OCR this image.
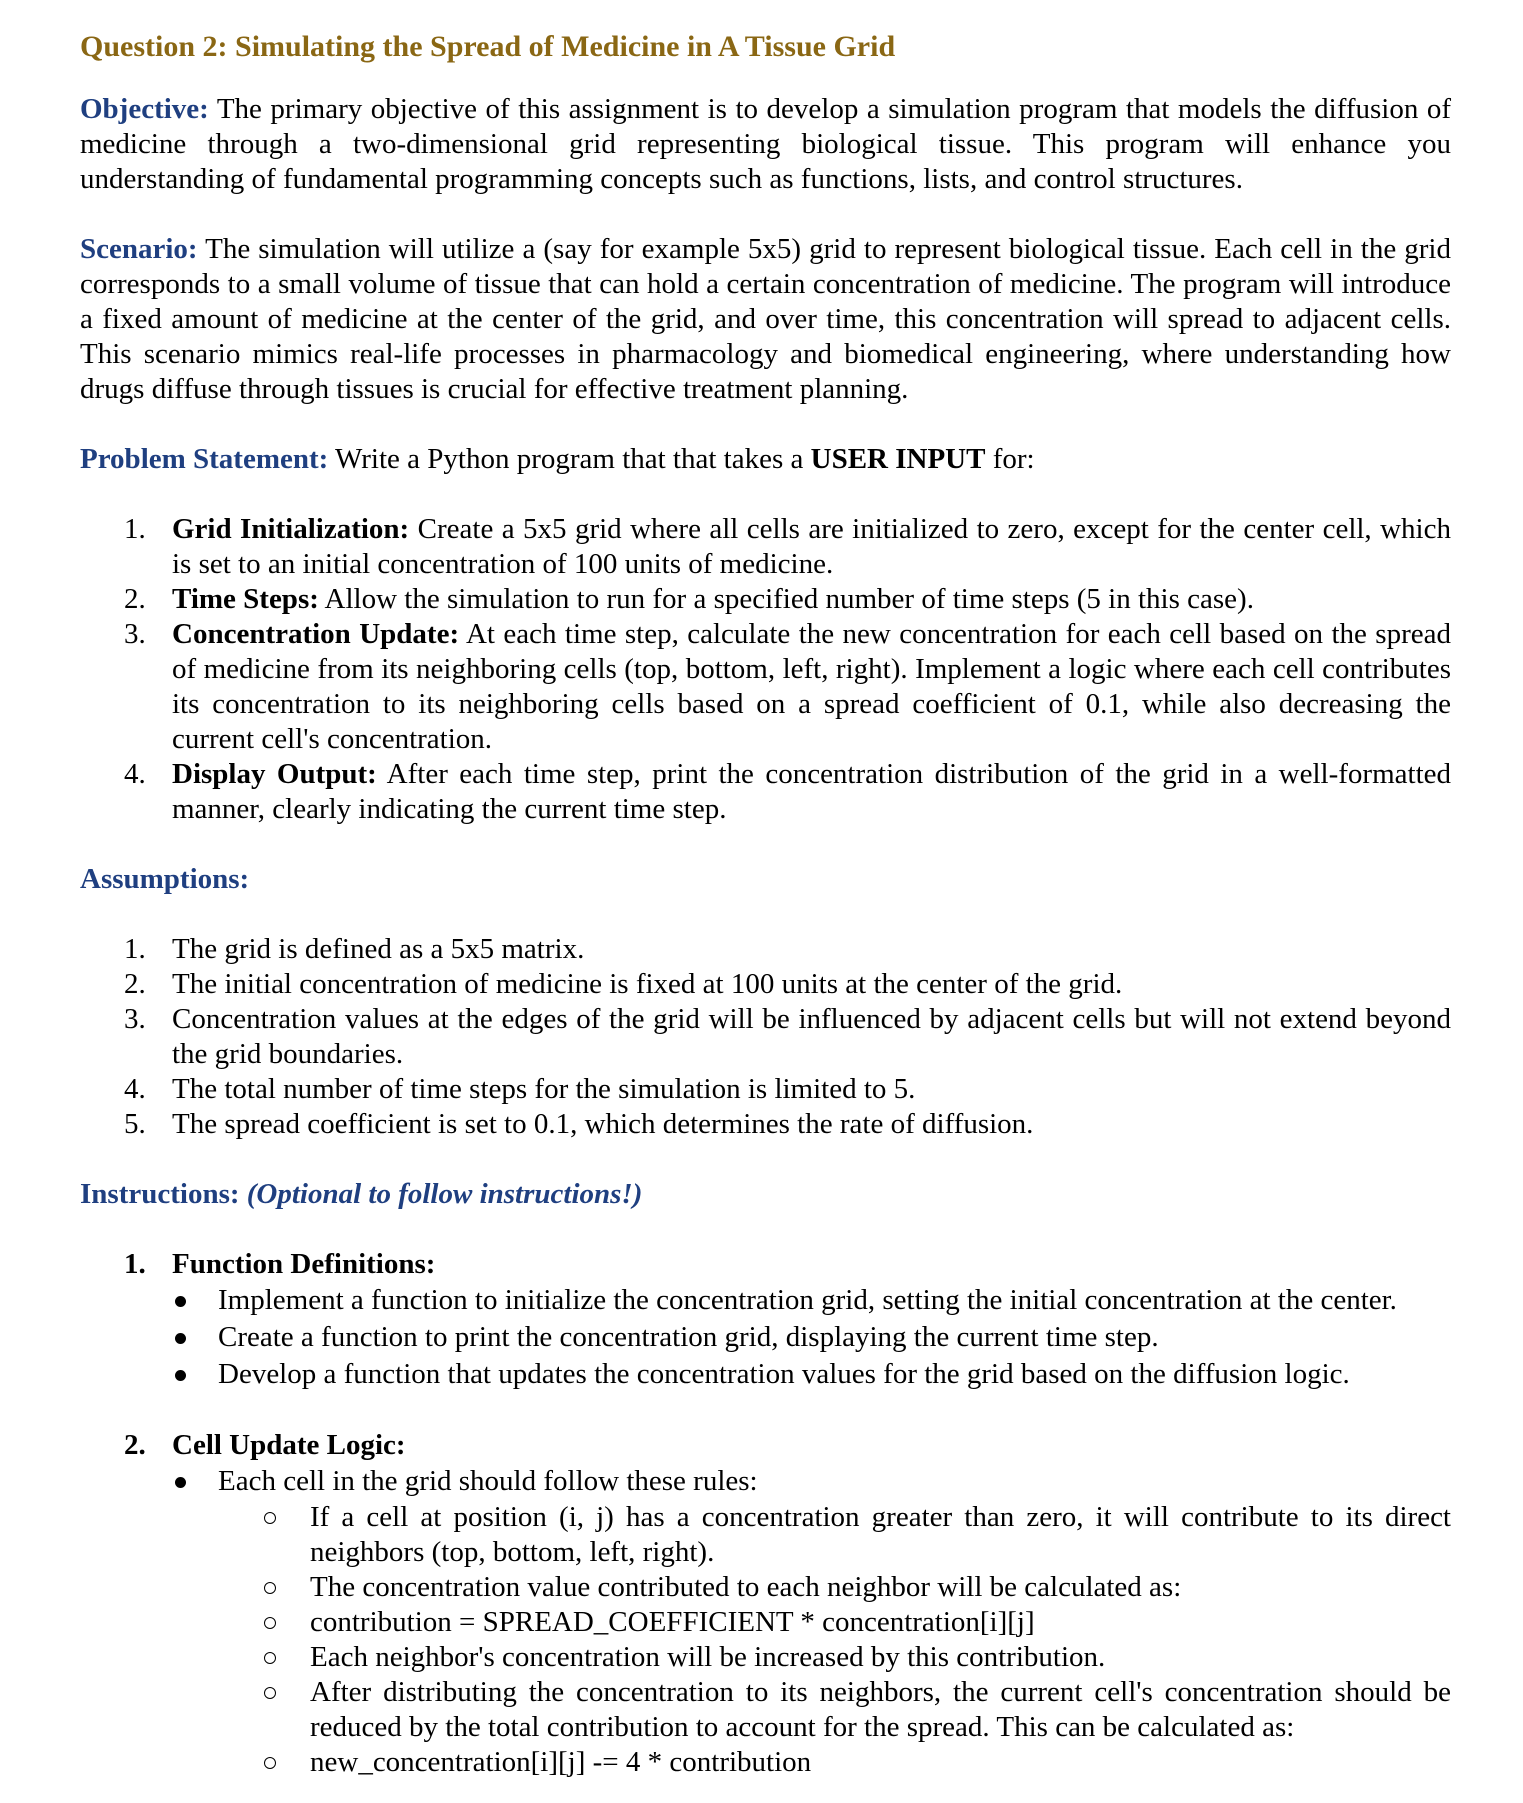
Question 2: Simulating the Spread of Medicine in A Tissue Grid

Objective: The primary objective of this assignment is to develop a simulation program that models the diffusion of medicine through a two-dimensional grid representing biological tissue. This program will enhance you understanding of fundamental programming concepts such as functions, lists, and control structures.

Scenario: The simulation will utilize a (say for example 5x5) grid to represent biological tissue. Each cell in the grid corresponds to a small volume of tissue that can hold a certain concentration of medicine. The program will introduce a fixed amount of medicine at the center of the grid, and over time, this concentration will spread to adjacent cells. This scenario mimics real-life processes in pharmacology and biomedical engineering, where understanding how drugs diffuse through tissues is crucial for effective treatment planning.

Problem Statement: Write a Python program that that takes a USER INPUT for:

1. Grid Initialization: Create a 5x5 grid where all cells are initialized to zero, except for the center cell, which is set to an initial concentration of 100 units of medicine.
2. Time Steps: Allow the simulation to run for a specified number of time steps (5 in this case).
3. Concentration Update: At each time step, calculate the new concentration for each cell based on the spread of medicine from its neighboring cells (top, bottom, left, right). Implement a logic where each cell contributes its concentration to its neighboring cells based on a spread coefficient of 0.1, while also decreasing the current cell's concentration.
4. Display Output: After each time step, print the concentration distribution of the grid in a well-formatted manner, clearly indicating the current time step.

Assumptions:

1. The grid is defined as a 5x5 matrix.
2. The initial concentration of medicine is fixed at 100 units at the center of the grid.
3. Concentration values at the edges of the grid will be influenced by adjacent cells but will not extend beyond the grid boundaries.
4. The total number of time steps for the simulation is limited to 5.
5. The spread coefficient is set to 0.1, which determines the rate of diffusion.

Instructions: (Optional to follow instructions!)

1. Function Definitions:
Implement a function to initialize the concentration grid, setting the initial concentration at the center.
Create a function to print the concentration grid, displaying the current time step.
Develop a function that updates the concentration values for the grid based on the diffusion logic.
2. Cell Update Logic:
Each cell in the grid should follow these rules:
If a cell at position (i, j) has a concentration greater than zero, it will contribute to its direct neighbors (top, bottom, left, right).
The concentration value contributed to each neighbor will be calculated as:
contribution = SPREAD_COEFFICIENT * concentration[i][j]
Each neighbor's concentration will be increased by this contribution.
After distributing the concentration to its neighbors, the current cell's concentration should be reduced by the total contribution to account for the spread. This can be calculated as:
new_concentration[i][j] -= 4 * contribution
